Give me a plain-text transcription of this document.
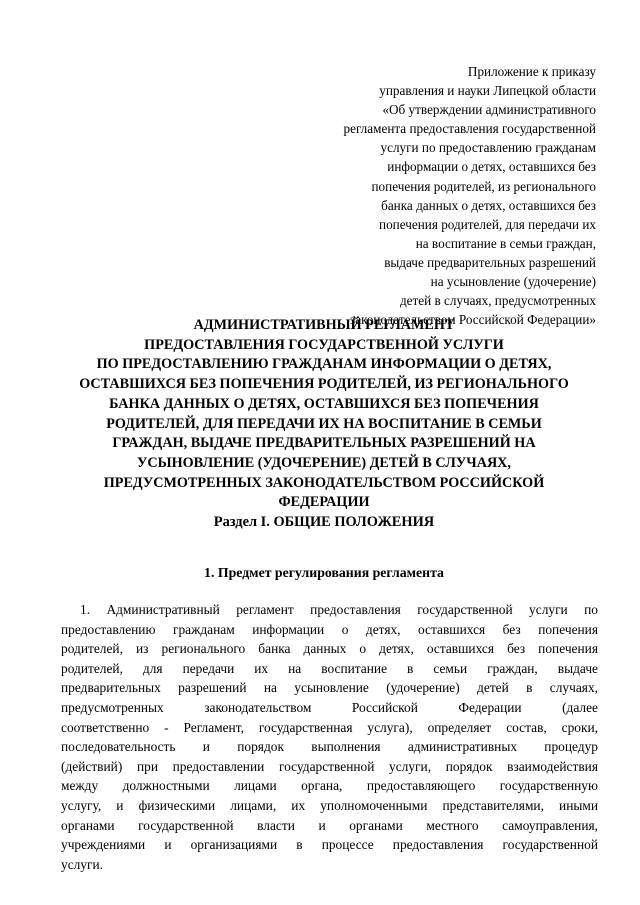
Приложение к приказу
управления и науки Липецкой области
«Об утверждении административного
регламента предоставления государственной
услуги по предоставлению гражданам
информации о детях, оставшихся без
попечения родителей, из регионального
банка данных о детях, оставшихся без
попечения родителей, для передачи их
на воспитание в семьи граждан,
выдаче предварительных разрешений
на усыновление (удочерение)
детей в случаях, предусмотренных
законодательством Российской Федерации»
АДМИНИСТРАТИВНЫЙ РЕГЛАМЕНТ
ПРЕДОСТАВЛЕНИЯ ГОСУДАРСТВЕННОЙ УСЛУГИ
ПО ПРЕДОСТАВЛЕНИЮ ГРАЖДАНАМ ИНФОРМАЦИИ О ДЕТЯХ,
ОСТАВШИХСЯ БЕЗ ПОПЕЧЕНИЯ РОДИТЕЛЕЙ, ИЗ РЕГИОНАЛЬНОГО
БАНКА ДАННЫХ О ДЕТЯХ, ОСТАВШИХСЯ БЕЗ ПОПЕЧЕНИЯ
РОДИТЕЛЕЙ, ДЛЯ ПЕРЕДАЧИ ИХ НА ВОСПИТАНИЕ В СЕМЬИ
ГРАЖДАН, ВЫДАЧЕ ПРЕДВАРИТЕЛЬНЫХ РАЗРЕШЕНИЙ НА
УСЫНОВЛЕНИЕ (УДОЧЕРЕНИЕ) ДЕТЕЙ В СЛУЧАЯХ,
ПРЕДУСМОТРЕННЫХ ЗАКОНОДАТЕЛЬСТВОМ РОССИЙСКОЙ
ФЕДЕРАЦИИ
Раздел I. ОБЩИЕ ПОЛОЖЕНИЯ
1. Предмет регулирования регламента
1. Административный регламент предоставления государственной услуги по
предоставлению гражданам информации о детях, оставшихся без попечения
родителей, из регионального банка данных о детях, оставшихся без попечения
родителей, для передачи их на воспитание в семьи граждан, выдаче
предварительных разрешений на усыновление (удочерение) детей в случаях,
предусмотренных законодательством Российской Федерации (далее
соответственно - Регламент, государственная услуга), определяет состав, сроки,
последовательность и порядок выполнения административных процедур
(действий) при предоставлении государственной услуги, порядок взаимодействия
между должностными лицами органа, предоставляющего государственную
услугу, и физическими лицами, их уполномоченными представителями, иными
органами государственной власти и органами местного самоуправления,
учреждениями и организациями в процессе предоставления государственной
услуги.
